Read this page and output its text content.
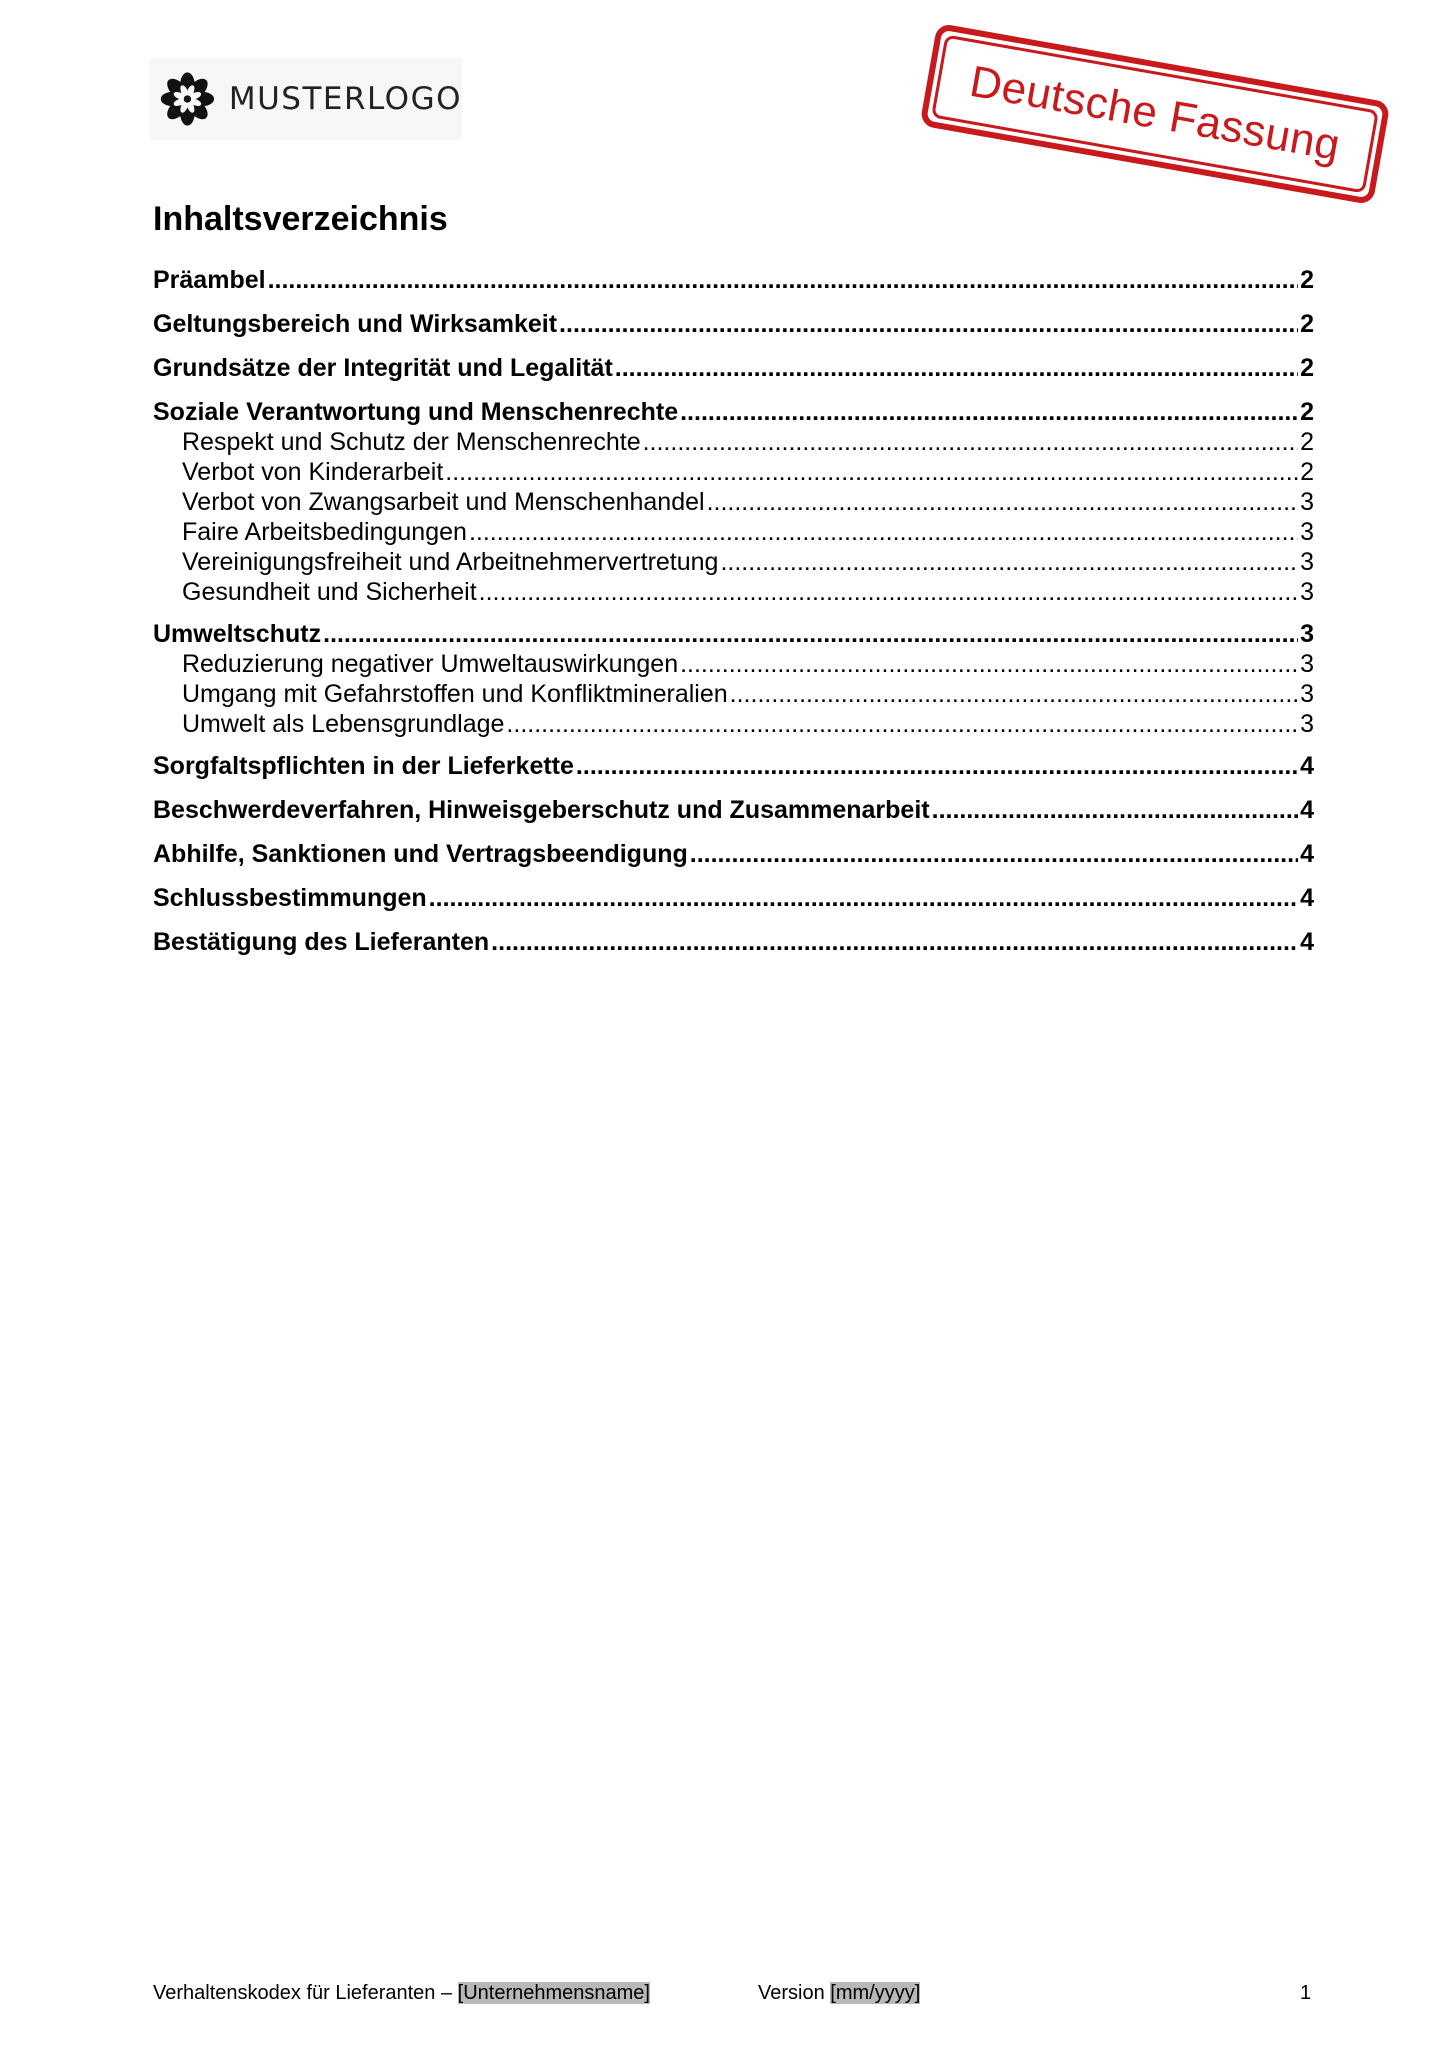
MUSTERLOGO	Deutsche Fassung
Inhaltsverzeichnis
Präambel .....	2
Geltungsbereich und Wirksamkeit .....	2
Grundsätze der Integrität und Legalität .....	2
Soziale Verantwortung und Menschenrechte .....	2
Respekt und Schutz der Menschenrechte .....	2
Verbot von Kinderarbeit .....	2
Verbot von Zwangsarbeit und Menschenhandel .....	3
Faire Arbeitsbedingungen .....	3
Vereinigungsfreiheit und Arbeitnehmervertretung .....	3
Gesundheit und Sicherheit .....	3
Umweltschutz .....	3
Reduzierung negativer Umweltauswirkungen .....	3
Umgang mit Gefahrstoffen und Konfliktmineralien .....	3
Umwelt als Lebensgrundlage .....	3
Sorgfaltspflichten in der Lieferkette .....	4
Beschwerdeverfahren, Hinweisgeberschutz und Zusammenarbeit .....	4
Abhilfe, Sanktionen und Vertragsbeendigung .....	4
Schlussbestimmungen .....	4
Bestätigung des Lieferanten .....	4
Verhaltenskodex für Lieferanten – [Unternehmensname]	Version [mm/yyyy]	1
